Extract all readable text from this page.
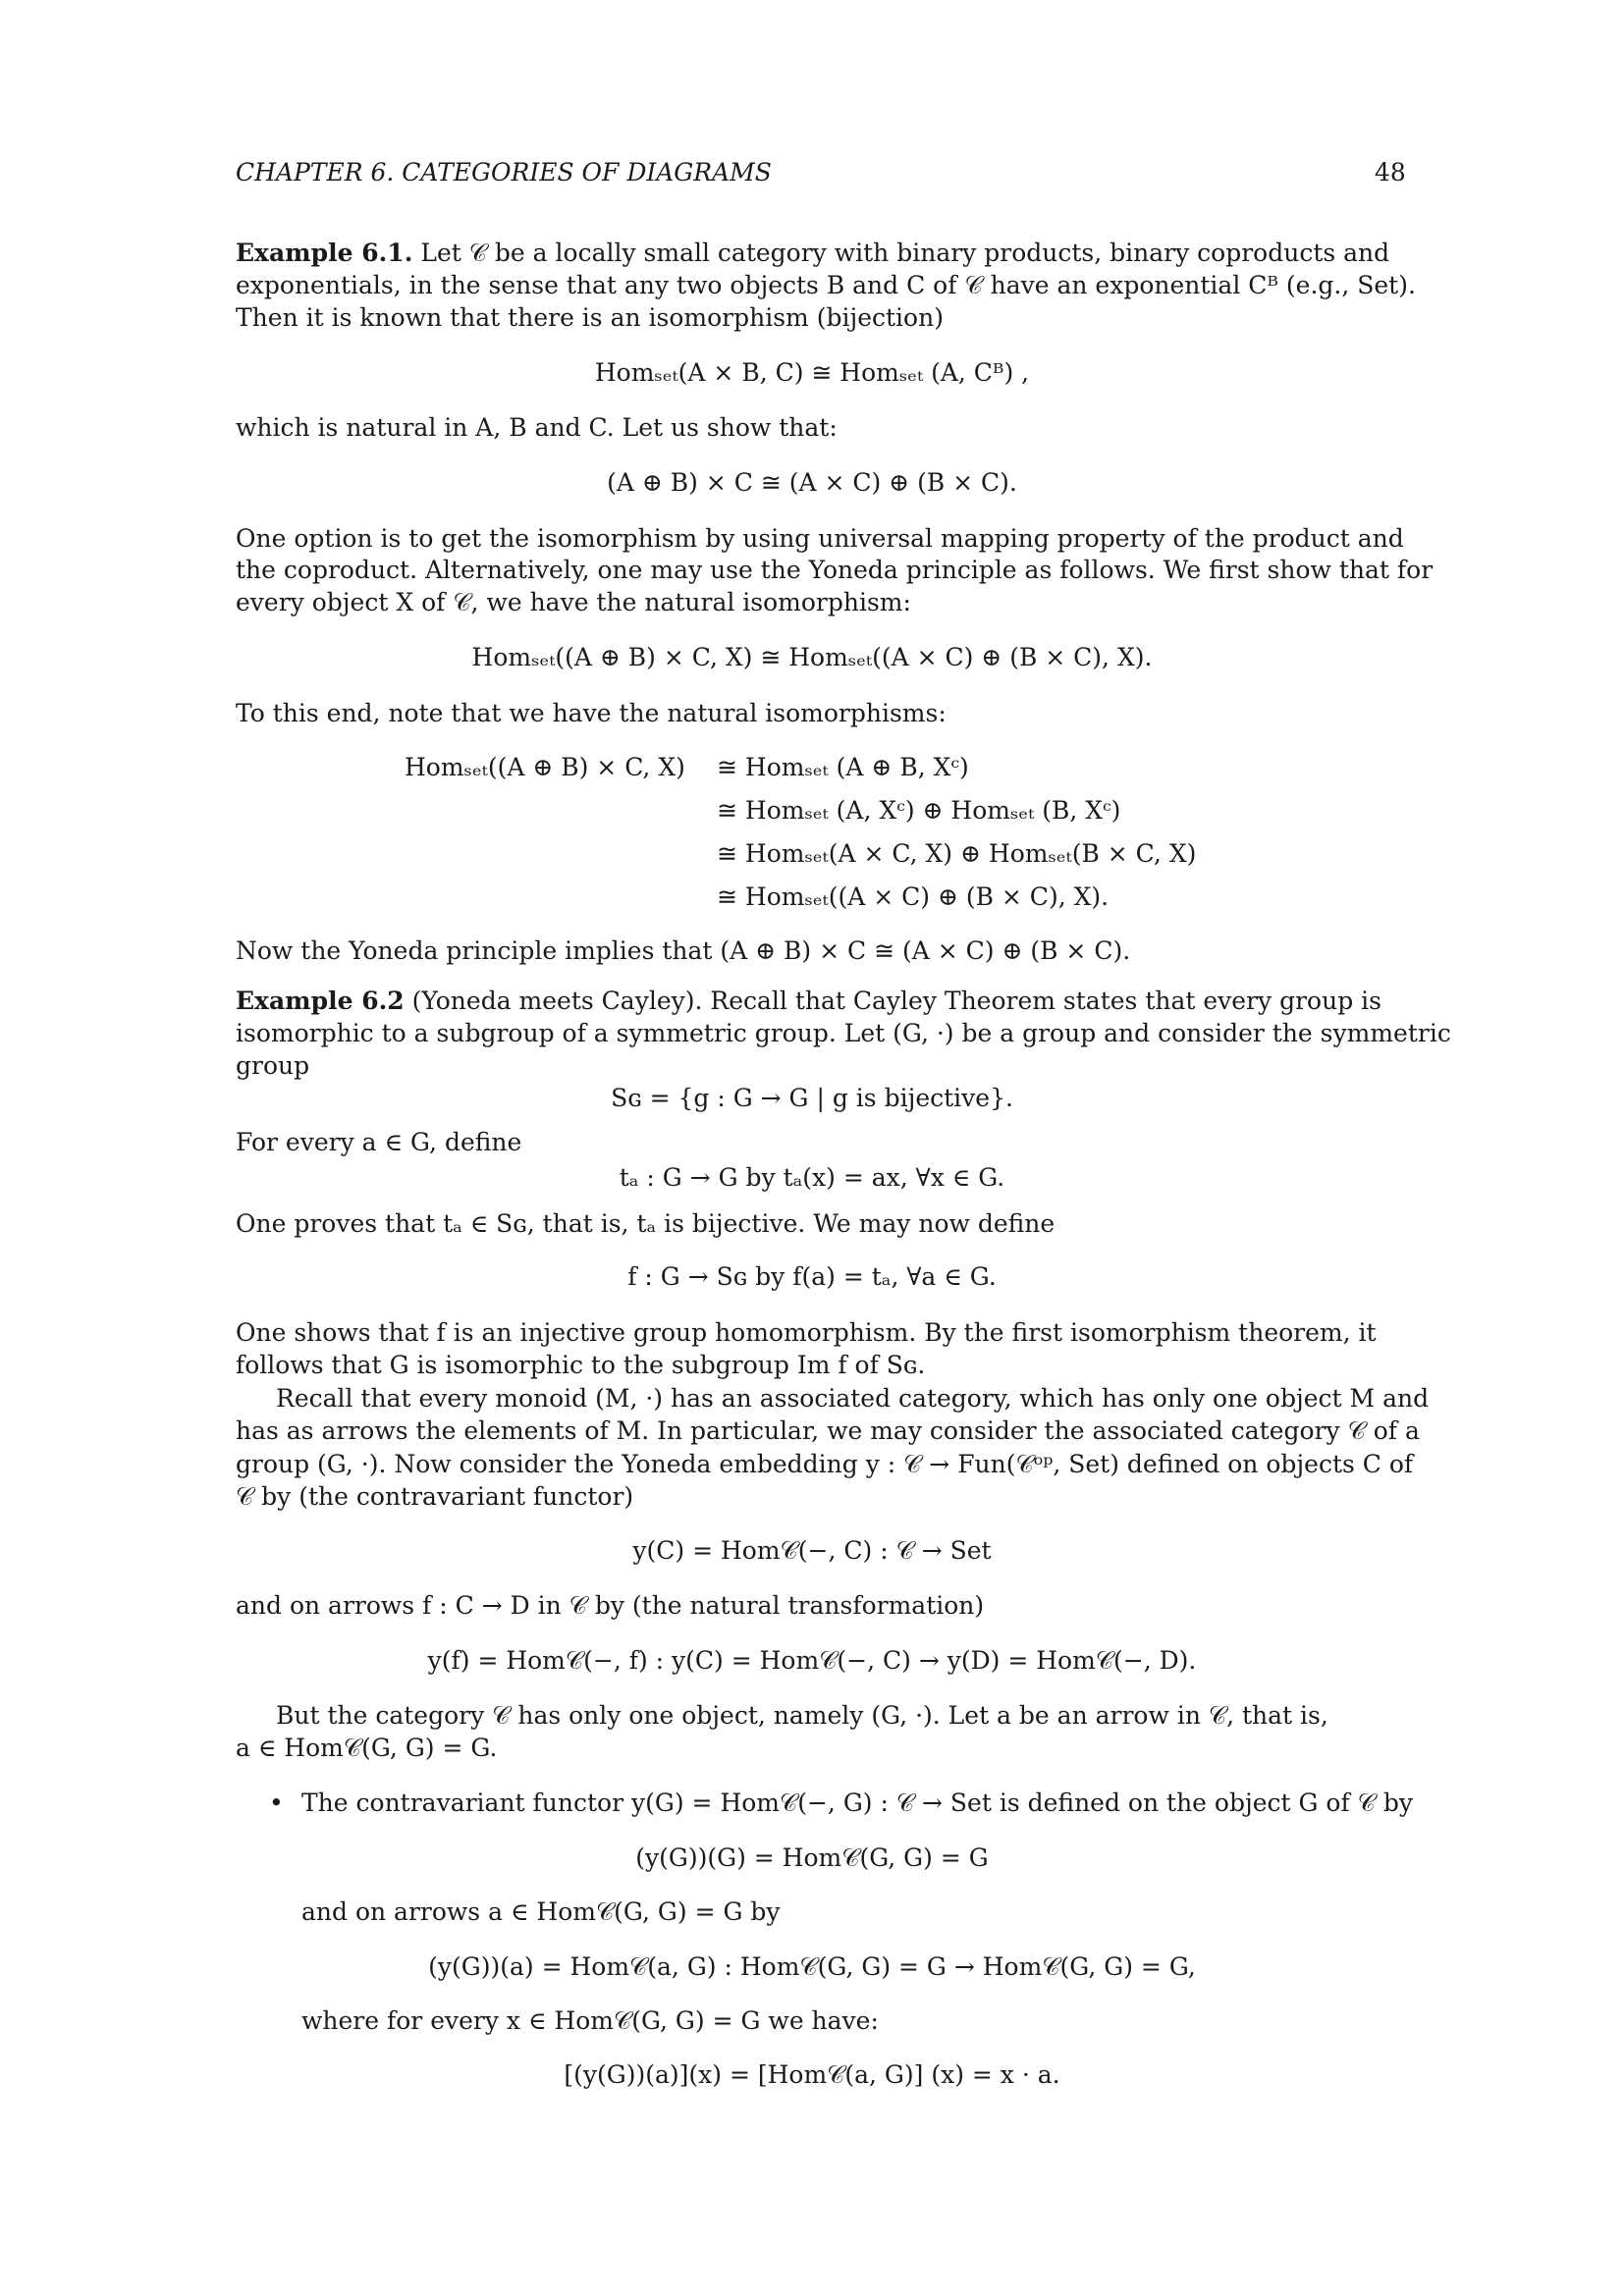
CHAPTER 6. CATEGORIES OF DIAGRAMS	48
Example 6.1. Let 𝒞 be a locally small category with binary products, binary coproducts and
exponentials, in the sense that any two objects B and C of 𝒞 have an exponential Cᴮ (e.g., Set).
Then it is known that there is an isomorphism (bijection)
Homₛₑₜ(A × B, C) ≅ Homₛₑₜ (A, Cᴮ) ,
which is natural in A, B and C. Let us show that:
(A ⊕ B) × C ≅ (A × C) ⊕ (B × C).
One option is to get the isomorphism by using universal mapping property of the product and
the coproduct. Alternatively, one may use the Yoneda principle as follows. We first show that for
every object X of 𝒞, we have the natural isomorphism:
Homₛₑₜ((A ⊕ B) × C, X) ≅ Homₛₑₜ((A × C) ⊕ (B × C), X).
To this end, note that we have the natural isomorphisms:
Homₛₑₜ((A ⊕ B) × C, X) ≅ Homₛₑₜ (A ⊕ B, Xᶜ)
≅ Homₛₑₜ (A, Xᶜ) ⊕ Homₛₑₜ (B, Xᶜ)
≅ Homₛₑₜ(A × C, X) ⊕ Homₛₑₜ(B × C, X)
≅ Homₛₑₜ((A × C) ⊕ (B × C), X).
Now the Yoneda principle implies that (A ⊕ B) × C ≅ (A × C) ⊕ (B × C).
Example 6.2 (Yoneda meets Cayley). Recall that Cayley Theorem states that every group is
isomorphic to a subgroup of a symmetric group. Let (G, ·) be a group and consider the symmetric
group
Sɢ = {g : G → G | g is bijective}.
For every a ∈ G, define
tₐ : G → G by tₐ(x) = ax, ∀x ∈ G.
One proves that tₐ ∈ Sɢ, that is, tₐ is bijective. We may now define
f : G → Sɢ by f(a) = tₐ, ∀a ∈ G.
One shows that f is an injective group homomorphism. By the first isomorphism theorem, it
follows that G is isomorphic to the subgroup Im f of Sɢ.
Recall that every monoid (M, ·) has an associated category, which has only one object M and
has as arrows the elements of M. In particular, we may consider the associated category 𝒞 of a
group (G, ·). Now consider the Yoneda embedding y : 𝒞 → Fun(𝒞ᵒᵖ, Set) defined on objects C of
𝒞 by (the contravariant functor)
y(C) = Hom𝒞(−, C) : 𝒞 → Set
and on arrows f : C → D in 𝒞 by (the natural transformation)
y(f) = Hom𝒞(−, f) : y(C) = Hom𝒞(−, C) → y(D) = Hom𝒞(−, D).
But the category 𝒞 has only one object, namely (G, ·). Let a be an arrow in 𝒞, that is,
a ∈ Hom𝒞(G, G) = G.
• The contravariant functor y(G) = Hom𝒞(−, G) : 𝒞 → Set is defined on the object G of 𝒞 by
(y(G))(G) = Hom𝒞(G, G) = G
and on arrows a ∈ Hom𝒞(G, G) = G by
(y(G))(a) = Hom𝒞(a, G) : Hom𝒞(G, G) = G → Hom𝒞(G, G) = G,
where for every x ∈ Hom𝒞(G, G) = G we have:
[(y(G))(a)](x) = [Hom𝒞(a, G)] (x) = x · a.
